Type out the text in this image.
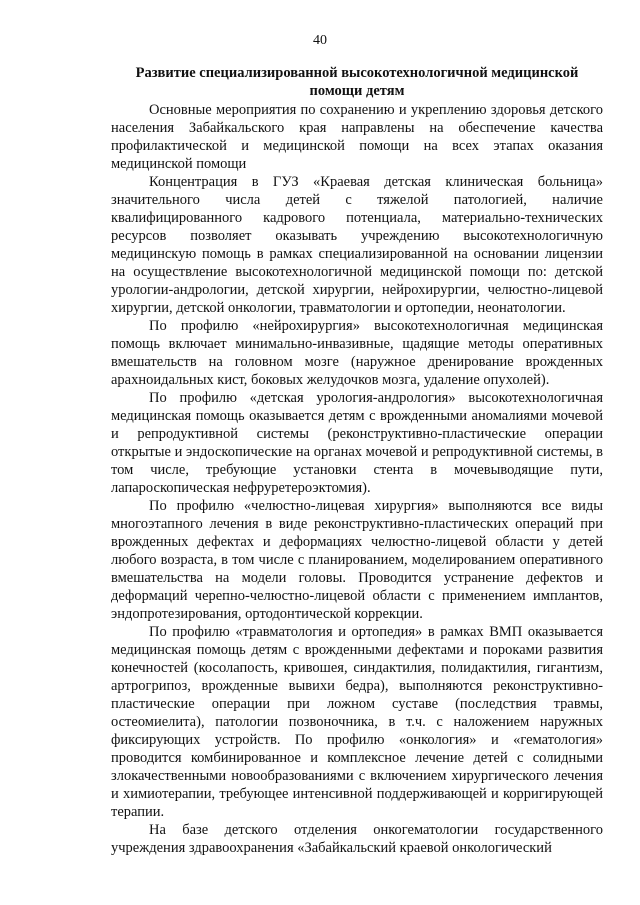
40

Развитие специализированной высокотехнологичной медицинской помощи детям

Основные мероприятия по сохранению и укреплению здоровья детского населения Забайкальского края направлены на обеспечение качества профилактической и медицинской помощи на всех этапах оказания медицинской помощи

Концентрация в ГУЗ «Краевая детская клиническая больница» значительного числа детей с тяжелой патологией, наличие квалифицированного кадрового потенциала, материально-технических ресурсов позволяет оказывать учреждению высокотехнологичную медицинскую помощь в рамках специализированной на основании лицензии на осуществление высокотехнологичной медицинской помощи по: детской урологии-андрологии, детской хирургии, нейрохирургии, челюстно-лицевой хирургии, детской онкологии, травматологии и ортопедии, неонатологии.

По профилю «нейрохирургия» высокотехнологичная медицинская помощь включает минимально-инвазивные, щадящие методы оперативных вмешательств на головном мозге (наружное дренирование врожденных арахноидальных кист, боковых желудочков мозга, удаление опухолей).

По профилю «детская урология-андрология» высокотехнологичная медицинская помощь оказывается детям с врожденными аномалиями мочевой и репродуктивной системы (реконструктивно-пластические операции открытые и эндоскопические на органах мочевой и репродуктивной системы, в том числе, требующие установки стента в мочевыводящие пути, лапароскопическая нефруретероэктомия).

По профилю «челюстно-лицевая хирургия» выполняются все виды многоэтапного лечения в виде реконструктивно-пластических операций при врожденных дефектах и деформациях челюстно-лицевой области у детей любого возраста, в том числе с планированием, моделированием оперативного вмешательства на модели головы. Проводится устранение дефектов и деформаций черепно-челюстно-лицевой области с применением имплантов, эндопротезирования, ортодонтической коррекции.

По профилю «травматология и ортопедия» в рамках ВМП оказывается медицинская помощь детям с врожденными дефектами и пороками развития конечностей (косолапость, кривошея, синдактилия, полидактилия, гигантизм, артрогрипоз, врожденные вывихи бедра), выполняются реконструктивно-пластические операции при ложном суставе (последствия травмы, остеомиелита), патологии позвоночника, в т.ч. с наложением наружных фиксирующих устройств. По профилю «онкология» и «гематология» проводится комбинированное и комплексное лечение детей с солидными злокачественными новообразованиями с включением хирургического лечения и химиотерапии, требующее интенсивной поддерживающей и корригирующей терапии.

На базе детского отделения онкогематологии государственного учреждения здравоохранения «Забайкальский краевой онкологический
